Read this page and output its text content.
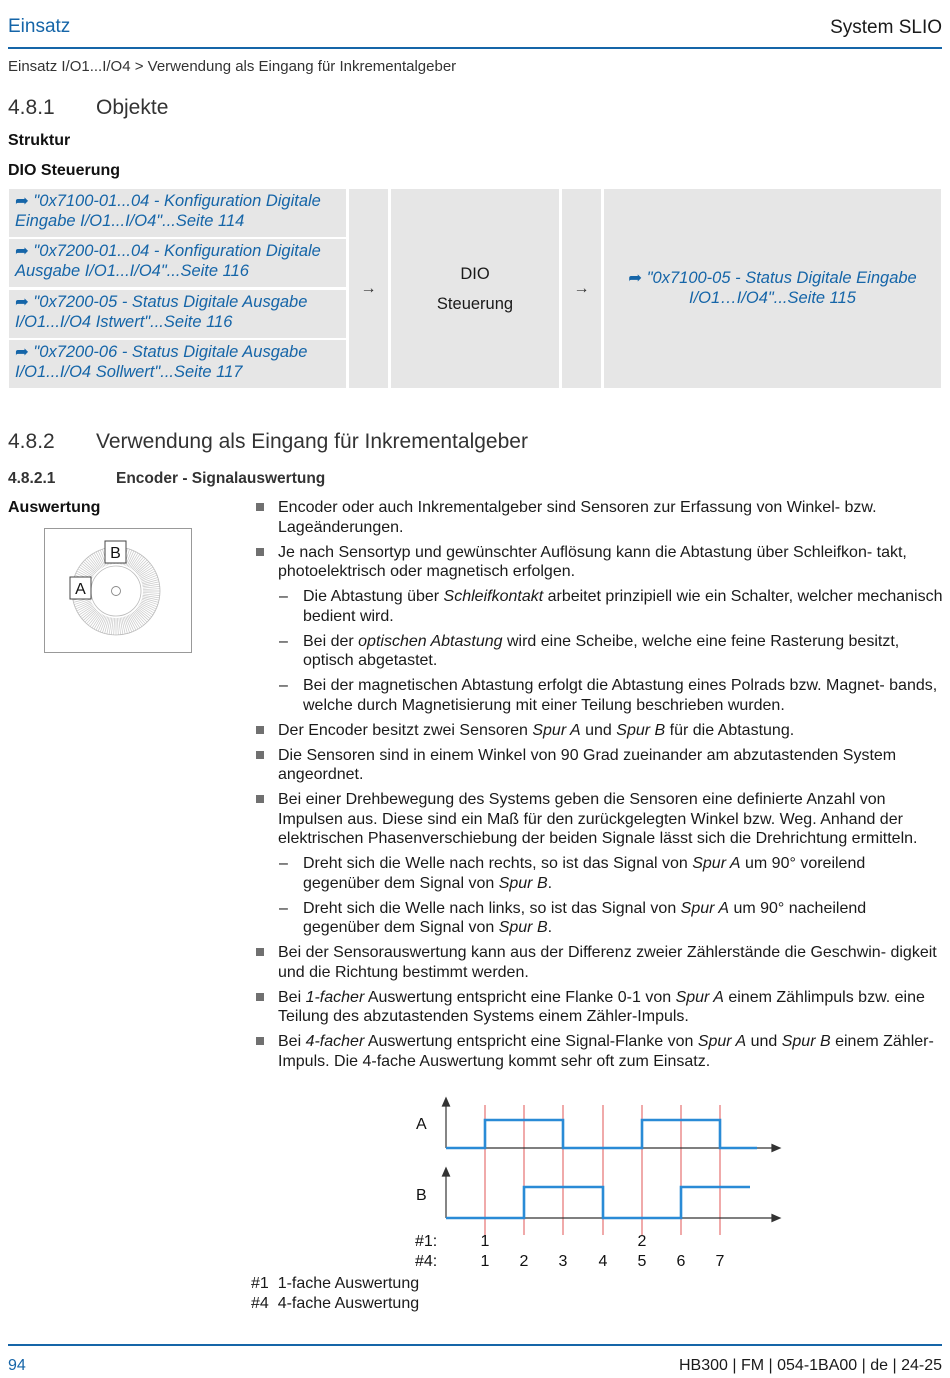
Einsatz	System SLIO
Einsatz I/O1...I/O4 > Verwendung als Eingang für Inkrementalgeber
4.8.1 Objekte
Struktur
DIO Steuerung
➦ "0x7100-01...04 - Konfiguration Digitale
Eingabe I/O1...I/O4"...Seite 114
➦ "0x7200-01...04 - Konfiguration Digitale
Ausgabe I/O1...I/O4"...Seite 116
➦ "0x7200-05 - Status Digitale Ausgabe
I/O1...I/O4 Istwert"...Seite 116
➦ "0x7200-06 - Status Digitale Ausgabe
I/O1...I/O4 Sollwert"...Seite 117
→
DIO
Steuerung
→
➦ "0x7100-05 - Status Digitale Eingabe
I/O1…I/O4"...Seite 115
4.8.2 Verwendung als Eingang für Inkrementalgeber
4.8.2.1	Encoder - Signalauswertung
Auswertung
B
A
Encoder oder auch Inkrementalgeber sind Sensoren zur Erfassung von Winkel- bzw. Lageänderungen.
Je nach Sensortyp und gewünschter Auflösung kann die Abtastung über Schleifkon- takt, photoelektrisch oder magnetisch erfolgen.
– Die Abtastung über Schleifkontakt arbeitet prinzipiell wie ein Schalter, welcher mechanisch bedient wird.
– Bei der optischen Abtastung wird eine Scheibe, welche eine feine Rasterung besitzt, optisch abgetastet.
– Bei der magnetischen Abtastung erfolgt die Abtastung eines Polrads bzw. Magnet- bands, welche durch Magnetisierung mit einer Teilung beschrieben wurden.
Der Encoder besitzt zwei Sensoren Spur A und Spur B für die Abtastung.
Die Sensoren sind in einem Winkel von 90 Grad zueinander am abzutastenden System angeordnet.
Bei einer Drehbewegung des Systems geben die Sensoren eine definierte Anzahl von Impulsen aus. Diese sind ein Maß für den zurückgelegten Winkel bzw. Weg. Anhand der elektrischen Phasenverschiebung der beiden Signale lässt sich die Drehrichtung ermitteln.
– Dreht sich die Welle nach rechts, so ist das Signal von Spur A um 90° voreilend gegenüber dem Signal von Spur B.
– Dreht sich die Welle nach links, so ist das Signal von Spur A um 90° nacheilend gegenüber dem Signal von Spur B.
Bei der Sensorauswertung kann aus der Differenz zweier Zählerstände die Geschwin- digkeit und die Richtung bestimmt werden.
Bei 1-facher Auswertung entspricht eine Flanke 0-1 von Spur A einem Zählimpuls bzw. eine Teilung des abzutastenden Systems einem Zähler-Impuls.
Bei 4-facher Auswertung entspricht eine Signal-Flanke von Spur A und Spur B einem Zähler-Impuls. Die 4-fache Auswertung kommt sehr oft zum Einsatz.
A
B
#1:
#4:
1	2
1 2 3 4 5 6 7
#1 1-fache Auswertung
#4 4-fache Auswertung
94	HB300 | FM | 054-1BA00 | de | 24-25
